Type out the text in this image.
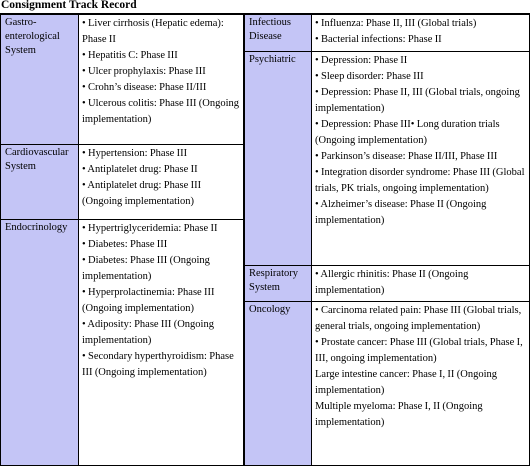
Consignment Track Record
Gastro-enterological System
Cardiovascular System
Endocrinology
• Liver cirrhosis (Hepatic edema): Phase II
• Hepatitis C: Phase III
• Ulcer prophylaxis: Phase III
• Crohn’s disease: Phase II/III
• Ulcerous colitis: Phase III (Ongoing implementation)
• Hypertension: Phase III
• Antiplatelet drug: Phase II
• Antiplatelet drug: Phase III (Ongoing implementation)
• Hypertriglyceridemia: Phase II
• Diabetes: Phase III
• Diabetes: Phase III (Ongoing implementation)
• Hyperprolactinemia: Phase III (Ongoing implementation)
• Adiposity: Phase III (Ongoing implementation)
• Secondary hyperthyroidism: Phase III (Ongoing implementation)
Infectious Disease
Psychiatric
Respiratory System
Oncology
• Influenza: Phase II, III (Global trials)
• Bacterial infections: Phase II
• Depression: Phase II
• Sleep disorder: Phase III
• Depression: Phase II, III (Global trials, ongoing implementation)
• Depression: Phase III• Long duration trials (Ongoing implementation)
• Parkinson’s disease: Phase II/III, Phase III
• Integration disorder syndrome: Phase III (Global trials, PK trials, ongoing implementation)
• Alzheimer’s disease: Phase II (Ongoing implementation)
• Allergic rhinitis: Phase II (Ongoing implementation)
• Carcinoma related pain: Phase III (Global trials, general trials, ongoing implementation)
• Prostate cancer: Phase III (Global trials, Phase I, III, ongoing implementation)
Large intestine cancer: Phase I, II (Ongoing implementation)
Multiple myeloma: Phase I, II (Ongoing implementation)
